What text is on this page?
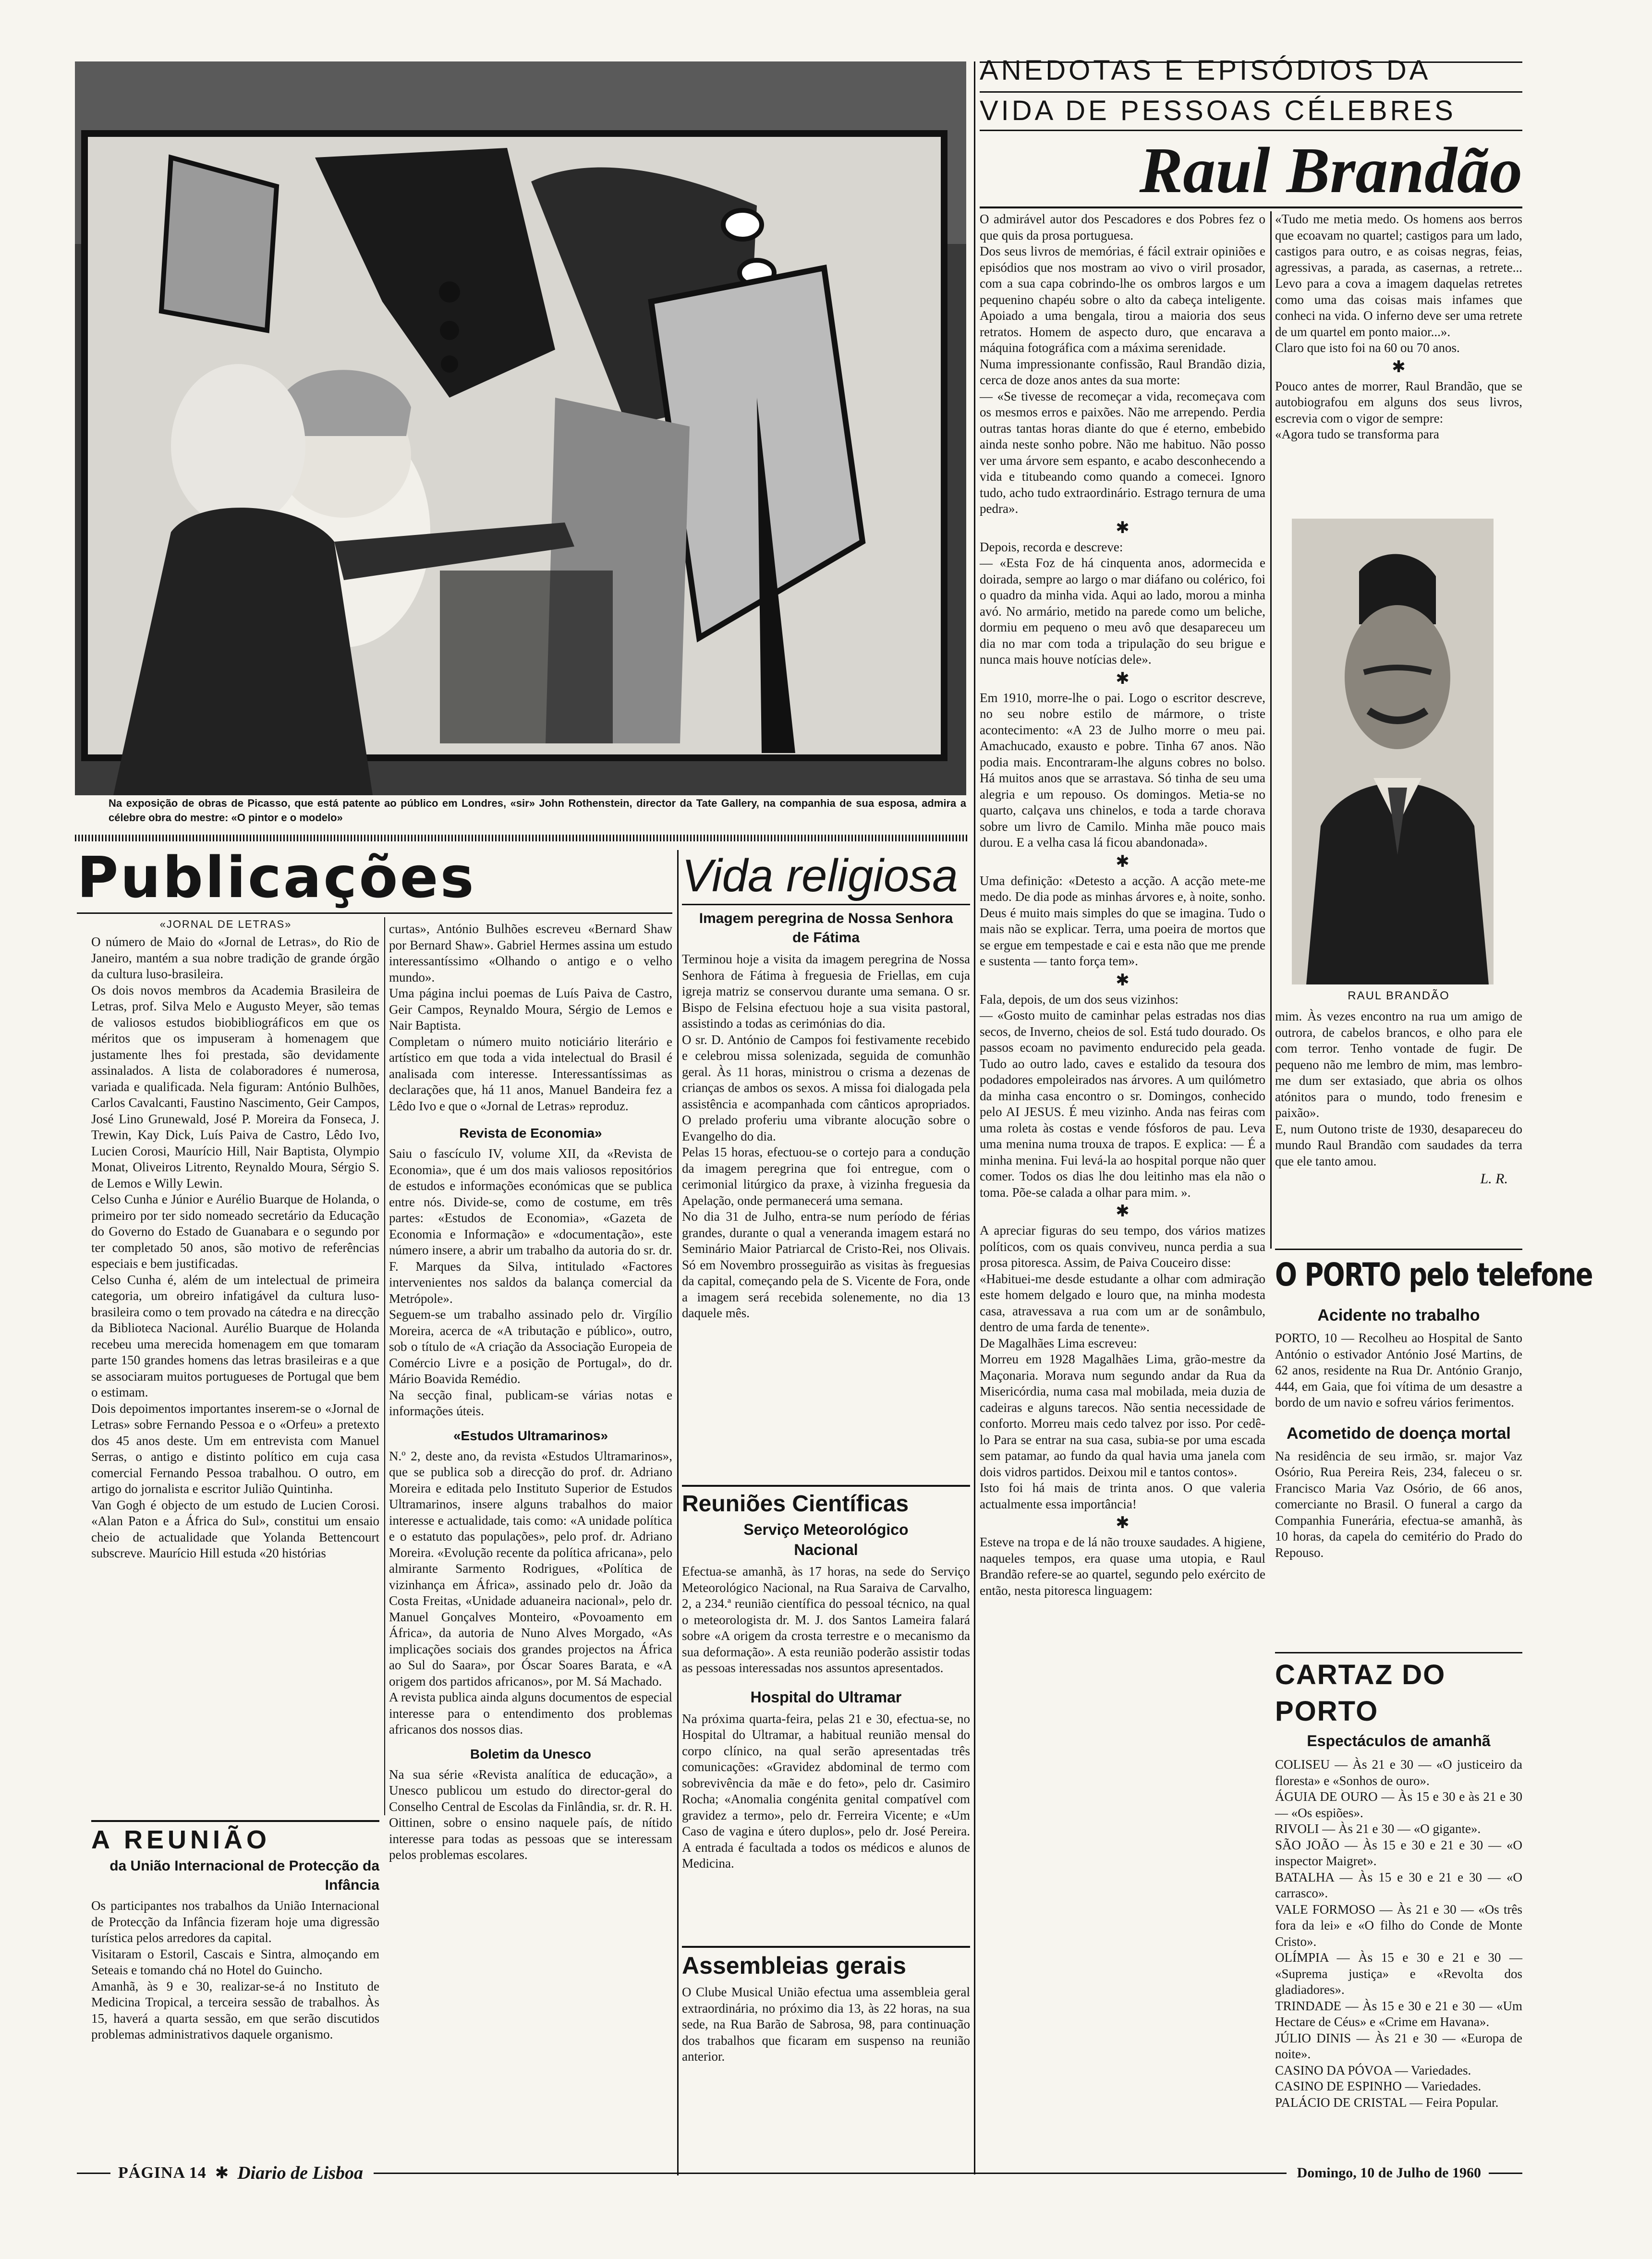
Na exposição de obras de Picasso, que está patente ao público em Londres, «sir» John Rothenstein, director da Tate Gallery, na companhia de sua esposa, admira a célebre obra do mestre: «O pintor e o modelo»
ANEDOTAS E EPISÓDIOS DA
VIDA DE PESSOAS CÉLEBRES
Raul Brandão
O admirável autor dos Pescadores e dos Pobres fez o que quis da prosa portuguesa.
Dos seus livros de memórias, é fácil extrair opiniões e episódios que nos mostram ao vivo o viril prosador, com a sua capa cobrindo-lhe os ombros largos e um pequenino chapéu sobre o alto da cabeça inteligente. Apoiado a uma bengala, tirou a maioria dos seus retratos. Homem de aspecto duro, que encarava a máquina fotográfica com a máxima serenidade.
Numa impressionante confissão, Raul Brandão dizia, cerca de doze anos antes da sua morte:
— «Se tivesse de recomeçar a vida, recomeçava com os mesmos erros e paixões. Não me arrependo. Perdia outras tantas horas diante do que é eterno, embebido ainda neste sonho pobre. Não me habituo. Não posso ver uma árvore sem espanto, e acabo desconhecendo a vida e titubeando como quando a comecei. Ignoro tudo, acho tudo extraordinário. Estrago ternura de uma pedra».
✱
Depois, recorda e descreve:
— «Esta Foz de há cinquenta anos, adormecida e doirada, sempre ao largo o mar diáfano ou colérico, foi o quadro da minha vida. Aqui ao lado, morou a minha avó. No armário, metido na parede como um beliche, dormiu em pequeno o meu avô que desapareceu um dia no mar com toda a tripulação do seu brigue e nunca mais houve notícias dele».
✱
Em 1910, morre-lhe o pai. Logo o escritor descreve, no seu nobre estilo de mármore, o triste acontecimento: «A 23 de Julho morre o meu pai. Amachucado, exausto e pobre. Tinha 67 anos. Não podia mais. Encontraram-lhe alguns cobres no bolso. Há muitos anos que se arrastava. Só tinha de seu uma alegria e um repouso. Os domingos. Metia-se no quarto, calçava uns chinelos, e toda a tarde chorava sobre um livro de Camilo. Minha mãe pouco mais durou. E a velha casa lá ficou abandonada».
✱
Uma definição: «Detesto a acção. A acção mete-me medo. De dia pode as minhas árvores e, à noite, sonho. Deus é muito mais simples do que se imagina. Tudo o mais não se explicar. Terra, uma poeira de mortos que se ergue em tempestade e cai e esta não que me prende e sustenta — tanto força tem».
✱
Fala, depois, de um dos seus vizinhos:
— «Gosto muito de caminhar pelas estradas nos dias secos, de Inverno, cheios de sol. Está tudo dourado. Os passos ecoam no pavimento endurecido pela geada. Tudo ao outro lado, caves e estalido da tesoura dos podadores empoleirados nas árvores. A um quilómetro da minha casa encontro o sr. Domingos, conhecido pelo AI JESUS. É meu vizinho. Anda nas feiras com uma roleta às costas e vende fósforos de pau. Leva uma menina numa trouxa de trapos. E explica: — É a minha menina. Fui levá-la ao hospital porque não quer comer. Todos os dias lhe dou leitinho mas ela não o toma. Põe-se calada a olhar para mim. ».
✱
A apreciar figuras do seu tempo, dos vários matizes políticos, com os quais conviveu, nunca perdia a sua prosa pitoresca. Assim, de Paiva Couceiro disse:
«Habituei-me desde estudante a olhar com admiração este homem delgado e louro que, na minha modesta casa, atravessava a rua com um ar de sonâmbulo, dentro de uma farda de tenente».
De Magalhães Lima escreveu:
Morreu em 1928 Magalhães Lima, grão-mestre da Maçonaria. Morava num segundo andar da Rua da Misericórdia, numa casa mal mobilada, meia duzia de cadeiras e alguns tarecos. Não sentia necessidade de conforto. Morreu mais cedo talvez por isso. Por cedê-lo Para se entrar na sua casa, subia-se por uma escada sem patamar, ao fundo da qual havia uma janela com dois vidros partidos. Deixou mil e tantos contos».
Isto foi há mais de trinta anos. O que valeria actualmente essa importância!
✱
Esteve na tropa e de lá não trouxe saudades. A higiene, naqueles tempos, era quase uma utopia, e Raul Brandão refere-se ao quartel, segundo pelo exército de então, nesta pitoresca linguagem:
«Tudo me metia medo. Os homens aos berros que ecoavam no quartel; castigos para um lado, castigos para outro, e as coisas negras, feias, agressivas, a parada, as casernas, a retrete... Levo para a cova a imagem daquelas retretes como uma das coisas mais infames que conheci na vida. O inferno deve ser uma retrete de um quartel em ponto maior...».
Claro que isto foi na 60 ou 70 anos.
✱
Pouco antes de morrer, Raul Brandão, que se autobiografou em alguns dos seus livros, escrevia com o vigor de sempre:
«Agora tudo se transforma para
RAUL BRANDÃO
mim. Às vezes encontro na rua um amigo de outrora, de cabelos brancos, e olho para ele com terror. Tenho vontade de fugir. De pequeno não me lembro de mim, mas lembro-me dum ser extasiado, que abria os olhos atónitos para o mundo, todo frenesim e paixão».
E, num Outono triste de 1930, desapareceu do mundo Raul Brandão com saudades da terra que ele tanto amou.
L. R.
O PORTO pelo telefone
Acidente no trabalho
PORTO, 10 — Recolheu ao Hospital de Santo António o estivador António José Martins, de 62 anos, residente na Rua Dr. António Granjo, 444, em Gaia, que foi vítima de um desastre a bordo de um navio e sofreu vários ferimentos.
Acometido de doença mortal
Na residência de seu irmão, sr. major Vaz Osório, Rua Pereira Reis, 234, faleceu o sr. Francisco Maria Vaz Osório, de 66 anos, comerciante no Brasil. O funeral a cargo da Companhia Funerária, efectua-se amanhã, às 10 horas, da capela do cemitério do Prado do Repouso.
CARTAZ DO PORTO
Espectáculos de amanhã
COLISEU — Às 21 e 30 — «O justiceiro da floresta» e «Sonhos de ouro».
ÁGUIA DE OURO — Às 15 e 30 e às 21 e 30 — «Os espiões».
RIVOLI — Às 21 e 30 — «O gigante».
SÃO JOÃO — Às 15 e 30 e 21 e 30 — «O inspector Maigret».
BATALHA — Às 15 e 30 e 21 e 30 — «O carrasco».
VALE FORMOSO — Às 21 e 30 — «Os três fora da lei» e «O filho do Conde de Monte Cristo».
OLÍMPIA — Às 15 e 30 e 21 e 30 — «Suprema justiça» e «Revolta dos gladiadores».
TRINDADE — Às 15 e 30 e 21 e 30 — «Um Hectare de Céus» e «Crime em Havana».
JÚLIO DINIS — Às 21 e 30 — «Europa de noite».
CASINO DA PÓVOA — Variedades.
CASINO DE ESPINHO — Variedades.
PALÁCIO DE CRISTAL — Feira Popular.
Publicações
«JORNAL DE LETRAS»
O número de Maio do «Jornal de Letras», do Rio de Janeiro, mantém a sua nobre tradição de grande órgão da cultura luso-brasileira.
Os dois novos membros da Academia Brasileira de Letras, prof. Silva Melo e Augusto Meyer, são temas de valiosos estudos biobibliográficos em que os méritos que os impuseram à homenagem que justamente lhes foi prestada, são devidamente assinalados. A lista de colaboradores é numerosa, variada e qualificada. Nela figuram: António Bulhões, Carlos Cavalcanti, Faustino Nascimento, Geir Campos, José Lino Grunewald, José P. Moreira da Fonseca, J. Trewin, Kay Dick, Luís Paiva de Castro, Lêdo Ivo, Lucien Corosi, Maurício Hill, Nair Baptista, Olympio Monat, Oliveiros Litrento, Reynaldo Moura, Sérgio S. de Lemos e Willy Lewin.
Celso Cunha e Júnior e Aurélio Buarque de Holanda, o primeiro por ter sido nomeado secretário da Educação do Governo do Estado de Guanabara e o segundo por ter completado 50 anos, são motivo de referências especiais e bem justificadas.
Celso Cunha é, além de um intelectual de primeira categoria, um obreiro infatigável da cultura luso-brasileira como o tem provado na cátedra e na direcção da Biblioteca Nacional. Aurélio Buarque de Holanda recebeu uma merecida homenagem em que tomaram parte 150 grandes homens das letras brasileiras e a que se associaram muitos portugueses de Portugal que bem o estimam.
Dois depoimentos importantes inserem-se o «Jornal de Letras» sobre Fernando Pessoa e o «Orfeu» a pretexto dos 45 anos deste. Um em entrevista com Manuel Serras, o antigo e distinto político em cuja casa comercial Fernando Pessoa trabalhou. O outro, em artigo do jornalista e escritor Julião Quintinha.
Van Gogh é objecto de um estudo de Lucien Corosi. «Alan Paton e a África do Sul», constitui um ensaio cheio de actualidade que Yolanda Bettencourt subscreve. Maurício Hill estuda «20 histórias
curtas», António Bulhões escreveu «Bernard Shaw por Bernard Shaw». Gabriel Hermes assina um estudo interessantíssimo «Olhando o antigo e o velho mundo».
Uma página inclui poemas de Luís Paiva de Castro, Geir Campos, Reynaldo Moura, Sérgio de Lemos e Nair Baptista.
Completam o número muito noticiário literário e artístico em que toda a vida intelectual do Brasil é analisada com interesse. Interessantíssimas as declarações que, há 11 anos, Manuel Bandeira fez a Lêdo Ivo e que o «Jornal de Letras» reproduz.
Revista de Economia»
Saiu o fascículo IV, volume XII, da «Revista de Economia», que é um dos mais valiosos repositórios de estudos e informações económicas que se publica entre nós. Divide-se, como de costume, em três partes: «Estudos de Economia», «Gazeta de Economia e Informação» e «documentação», este número insere, a abrir um trabalho da autoria do sr. dr. F. Marques da Silva, intitulado «Factores intervenientes nos saldos da balança comercial da Metrópole».
Seguem-se um trabalho assinado pelo dr. Virgílio Moreira, acerca de «A tributação e público», outro, sob o título de «A criação da Associação Europeia de Comércio Livre e a posição de Portugal», do dr. Mário Boavida Remédio.
Na secção final, publicam-se várias notas e informações úteis.
«Estudos Ultramarinos»
N.º 2, deste ano, da revista «Estudos Ultramarinos», que se publica sob a direcção do prof. dr. Adriano Moreira e editada pelo Instituto Superior de Estudos Ultramarinos, insere alguns trabalhos do maior interesse e actualidade, tais como: «A unidade política e o estatuto das populações», pelo prof. dr. Adriano Moreira. «Evolução recente da política africana», pelo almirante Sarmento Rodrigues, «Política de vizinhança em África», assinado pelo dr. João da Costa Freitas, «Unidade aduaneira nacional», pelo dr. Manuel Gonçalves Monteiro, «Povoamento em África», da autoria de Nuno Alves Morgado, «As implicações sociais dos grandes projectos na África ao Sul do Saara», por Óscar Soares Barata, e «A origem dos partidos africanos», por M. Sá Machado.
A revista publica ainda alguns documentos de especial interesse para o entendimento dos problemas africanos dos nossos dias.
Boletim da Unesco
Na sua série «Revista analítica de educação», a Unesco publicou um estudo do director-geral do Conselho Central de Escolas da Finlândia, sr. dr. R. H. Oittinen, sobre o ensino naquele país, de nítido interesse para todas as pessoas que se interessam pelos problemas escolares.
A REUNIÃO
da União Internacional de Protecção da Infância
Os participantes nos trabalhos da União Internacional de Protecção da Infância fizeram hoje uma digressão turística pelos arredores da capital.
Visitaram o Estoril, Cascais e Sintra, almoçando em Seteais e tomando chá no Hotel do Guincho.
Amanhã, às 9 e 30, realizar-se-á no Instituto de Medicina Tropical, a terceira sessão de trabalhos. Às 15, haverá a quarta sessão, em que serão discutidos problemas administrativos daquele organismo.
Vida religiosa
Imagem peregrina de Nossa Senhora de Fátima
Terminou hoje a visita da imagem peregrina de Nossa Senhora de Fátima à freguesia de Friellas, em cuja igreja matriz se conservou durante uma semana. O sr. Bispo de Felsina efectuou hoje a sua visita pastoral, assistindo a todas as cerimónias do dia.
O sr. D. António de Campos foi festivamente recebido e celebrou missa solenizada, seguida de comunhão geral. Às 11 horas, ministrou o crisma a dezenas de crianças de ambos os sexos. A missa foi dialogada pela assistência e acompanhada com cânticos apropriados. O prelado proferiu uma vibrante alocução sobre o Evangelho do dia.
Pelas 15 horas, efectuou-se o cortejo para a condução da imagem peregrina que foi entregue, com o cerimonial litúrgico da praxe, à vizinha freguesia da Apelação, onde permanecerá uma semana.
No dia 31 de Julho, entra-se num período de férias grandes, durante o qual a veneranda imagem estará no Seminário Maior Patriarcal de Cristo-Rei, nos Olivais. Só em Novembro prosseguirão as visitas às freguesias da capital, começando pela de S. Vicente de Fora, onde a imagem será recebida solenemente, no dia 13 daquele mês.
Reuniões Científicas
Serviço Meteorológico Nacional
Efectua-se amanhã, às 17 horas, na sede do Serviço Meteorológico Nacional, na Rua Saraiva de Carvalho, 2, a 234.ª reunião científica do pessoal técnico, na qual o meteorologista dr. M. J. dos Santos Lameira falará sobre «A origem da crosta terrestre e o mecanismo da sua deformação». A esta reunião poderão assistir todas as pessoas interessadas nos assuntos apresentados.
Hospital do Ultramar
Na próxima quarta-feira, pelas 21 e 30, efectua-se, no Hospital do Ultramar, a habitual reunião mensal do corpo clínico, na qual serão apresentadas três comunicações: «Gravidez abdominal de termo com sobrevivência da mãe e do feto», pelo dr. Casimiro Rocha; «Anomalia congénita genital compatível com gravidez a termo», pelo dr. Ferreira Vicente; e «Um Caso de vagina e útero duplos», pelo dr. José Pereira. A entrada é facultada a todos os médicos e alunos de Medicina.
Assembleias gerais
O Clube Musical União efectua uma assembleia geral extraordinária, no próximo dia 13, às 22 horas, na sua sede, na Rua Barão de Sabrosa, 98, para continuação dos trabalhos que ficaram em suspenso na reunião anterior.
PÁGINA 14 ✱ Diario de Lisboa	Domingo, 10 de Julho de 1960
